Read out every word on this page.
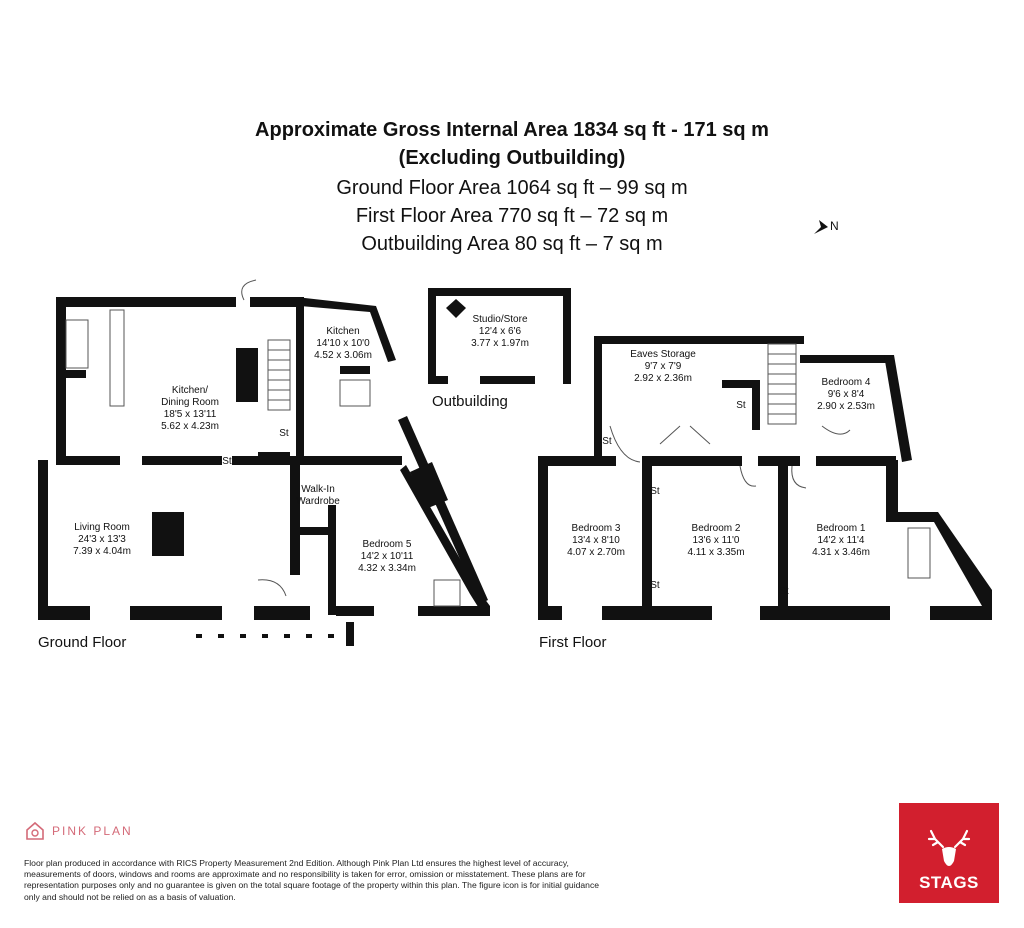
Approximate Gross Internal Area 1834 sq ft - 171 sq m
(Excluding Outbuilding)
Ground Floor Area 1064 sq ft – 99 sq m
First Floor Area 770 sq ft – 72 sq m
Outbuilding Area 80 sq ft – 7 sq m
N
Kitchen/ Dining Room 18'5 x 13'11 5.62 x 4.23m
Kitchen 14'10 x 10'0 4.52 x 3.06m
Living Room 24'3 x 13'3 7.39 x 4.04m
Walk-In Wardrobe
Bedroom 5 14'2 x 10'11 4.32 x 3.34m
Studio/Store 12'4 x 6'6 3.77 x 1.97m
Eaves Storage 9'7 x 7'9 2.92 x 2.36m	Bedroom 4 9'6 x 8'4 2.90 x 2.53m
Bedroom 3 13'4 x 8'10 4.07 x 2.70m
Bedroom 2 13'6 x 11'0 4.11 x 3.35m
Bedroom 1 14'2 x 11'4 4.31 x 3.46m
St
St
St
St
St
St
St
Outbuilding
Ground Floor	First Floor
PINK PLAN
Floor plan produced in accordance with RICS Property Measurement 2nd Edition. Although Pink Plan Ltd ensures the highest level of accuracy, measurements of doors, windows and rooms are approximate and no responsibility is taken for error, omission or misstatement. These plans are for representation purposes only and no guarantee is given on the total square footage of the property within this plan. The figure icon is for initial guidance only and should not be relied on as a basis of valuation.
STAGS
